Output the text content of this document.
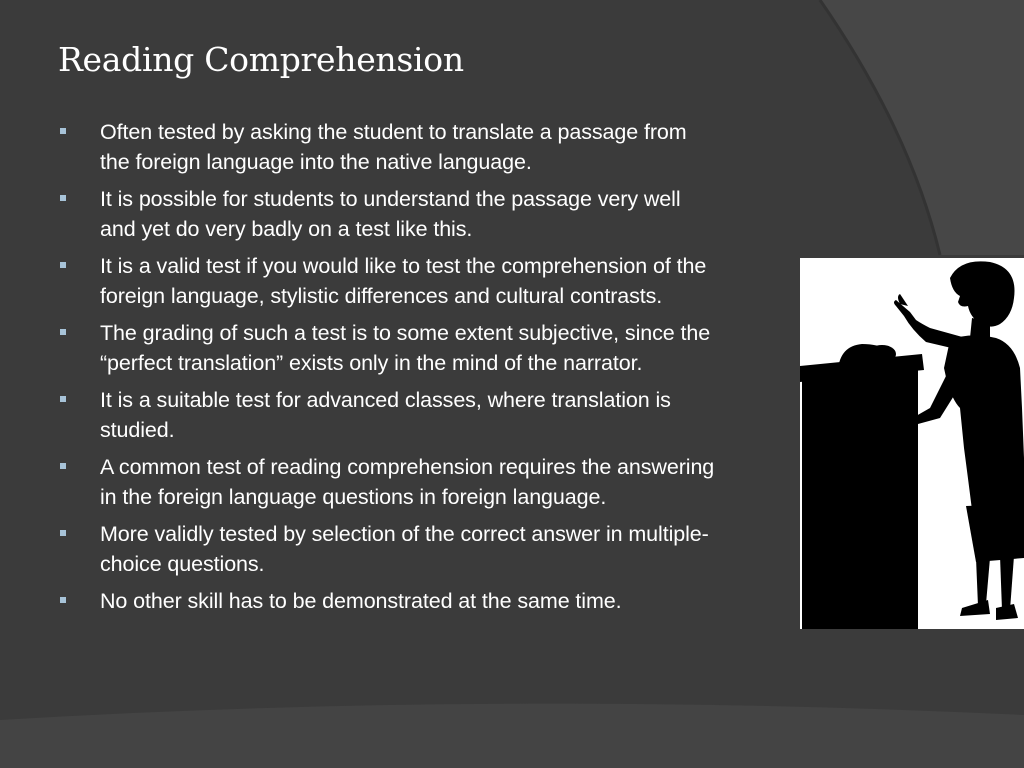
Reading Comprehension
Often tested by asking the student to translate a passage from the foreign language into the native language.
It is possible for students to understand the passage very well and yet do very badly on a test like this.
It is a valid test if you would like to test the comprehension of the foreign language, stylistic differences and cultural contrasts.
The grading of such a test is to some extent subjective, since the “perfect translation” exists only in the mind of the narrator.
It is a suitable test for advanced classes, where translation is studied.
A common test of reading comprehension requires the answering in the foreign language questions in foreign language.
More validly tested by selection of the correct answer in multiple-choice questions.
No other skill has to be demonstrated at the same time.
